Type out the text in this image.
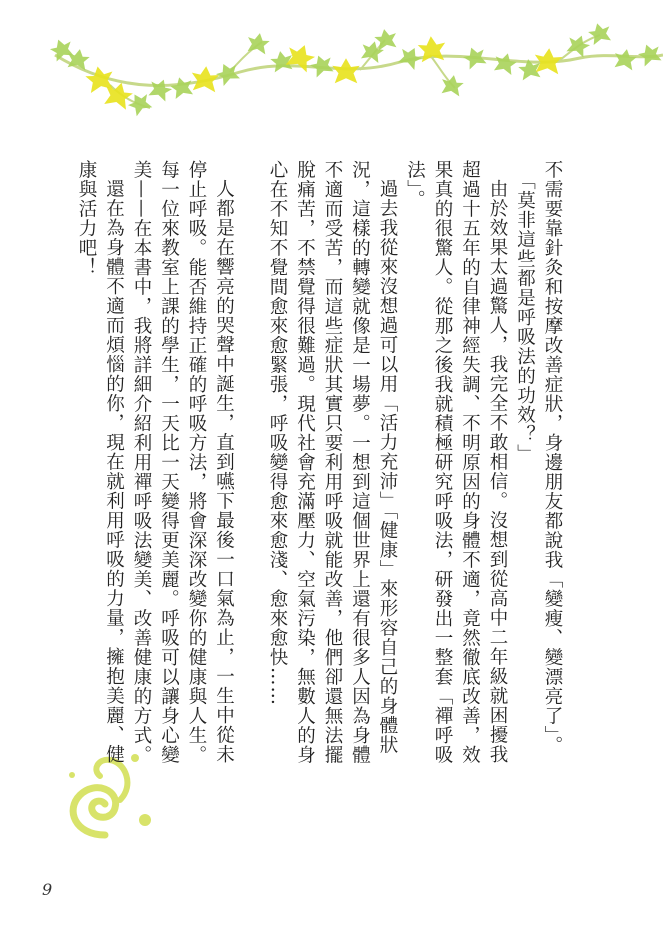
不需要靠針灸和按摩改善症狀，身邊朋友都說我「變瘦、變漂亮了」。

「莫非這些都是呼吸法的功效？」

由於效果太過驚人，我完全不敢相信。沒想到從高中二年級就困擾我超過十五年的自律神經失調、不明原因的身體不適，竟然徹底改善，效果真的很驚人。從那之後我就積極研究呼吸法，研發出一整套「禪呼吸法」。

過去我從來沒想過可以用「活力充沛」「健康」來形容自己的身體狀況，這樣的轉變就像是一場夢。一想到這個世界上還有很多人因為身體不適而受苦，而這些症狀其實只要利用呼吸就能改善，他們卻還無法擺脫痛苦，不禁覺得很難過。現代社會充滿壓力、空氣污染，無數人的身心在不知不覺間愈來愈緊張，呼吸變得愈來愈淺、愈來愈快……

人都是在響亮的哭聲中誕生，直到嚥下最後一口氣為止，一生中從未停止呼吸。能否維持正確的呼吸方法，將會深深改變你的健康與人生。每一位來教室上課的學生，一天比一天變得更美麗。呼吸可以讓身心變美——在本書中，我將詳細介紹利用禪呼吸法變美、改善健康的方式。

還在為身體不適而煩惱的你，現在就利用呼吸的力量，擁抱美麗、健康與活力吧！

9
